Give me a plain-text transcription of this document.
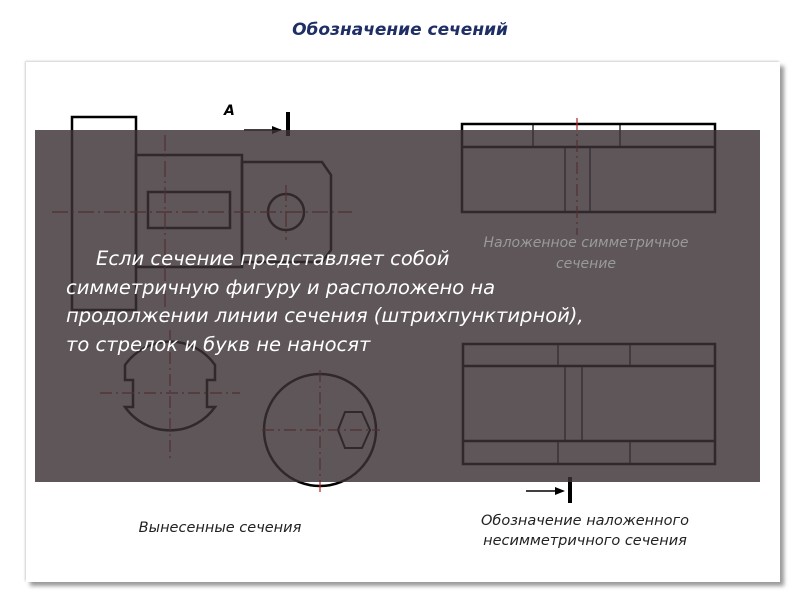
Обозначение сечений
А
Наложенное симметричное
сечение
Если сечение представляет собой
симметричную фигуру и расположено на
продолжении линии сечения (штрихпунктирной),
то стрелок и букв не наносят
Вынесенные сечения	Обозначение наложенного
несимметричного сечения
